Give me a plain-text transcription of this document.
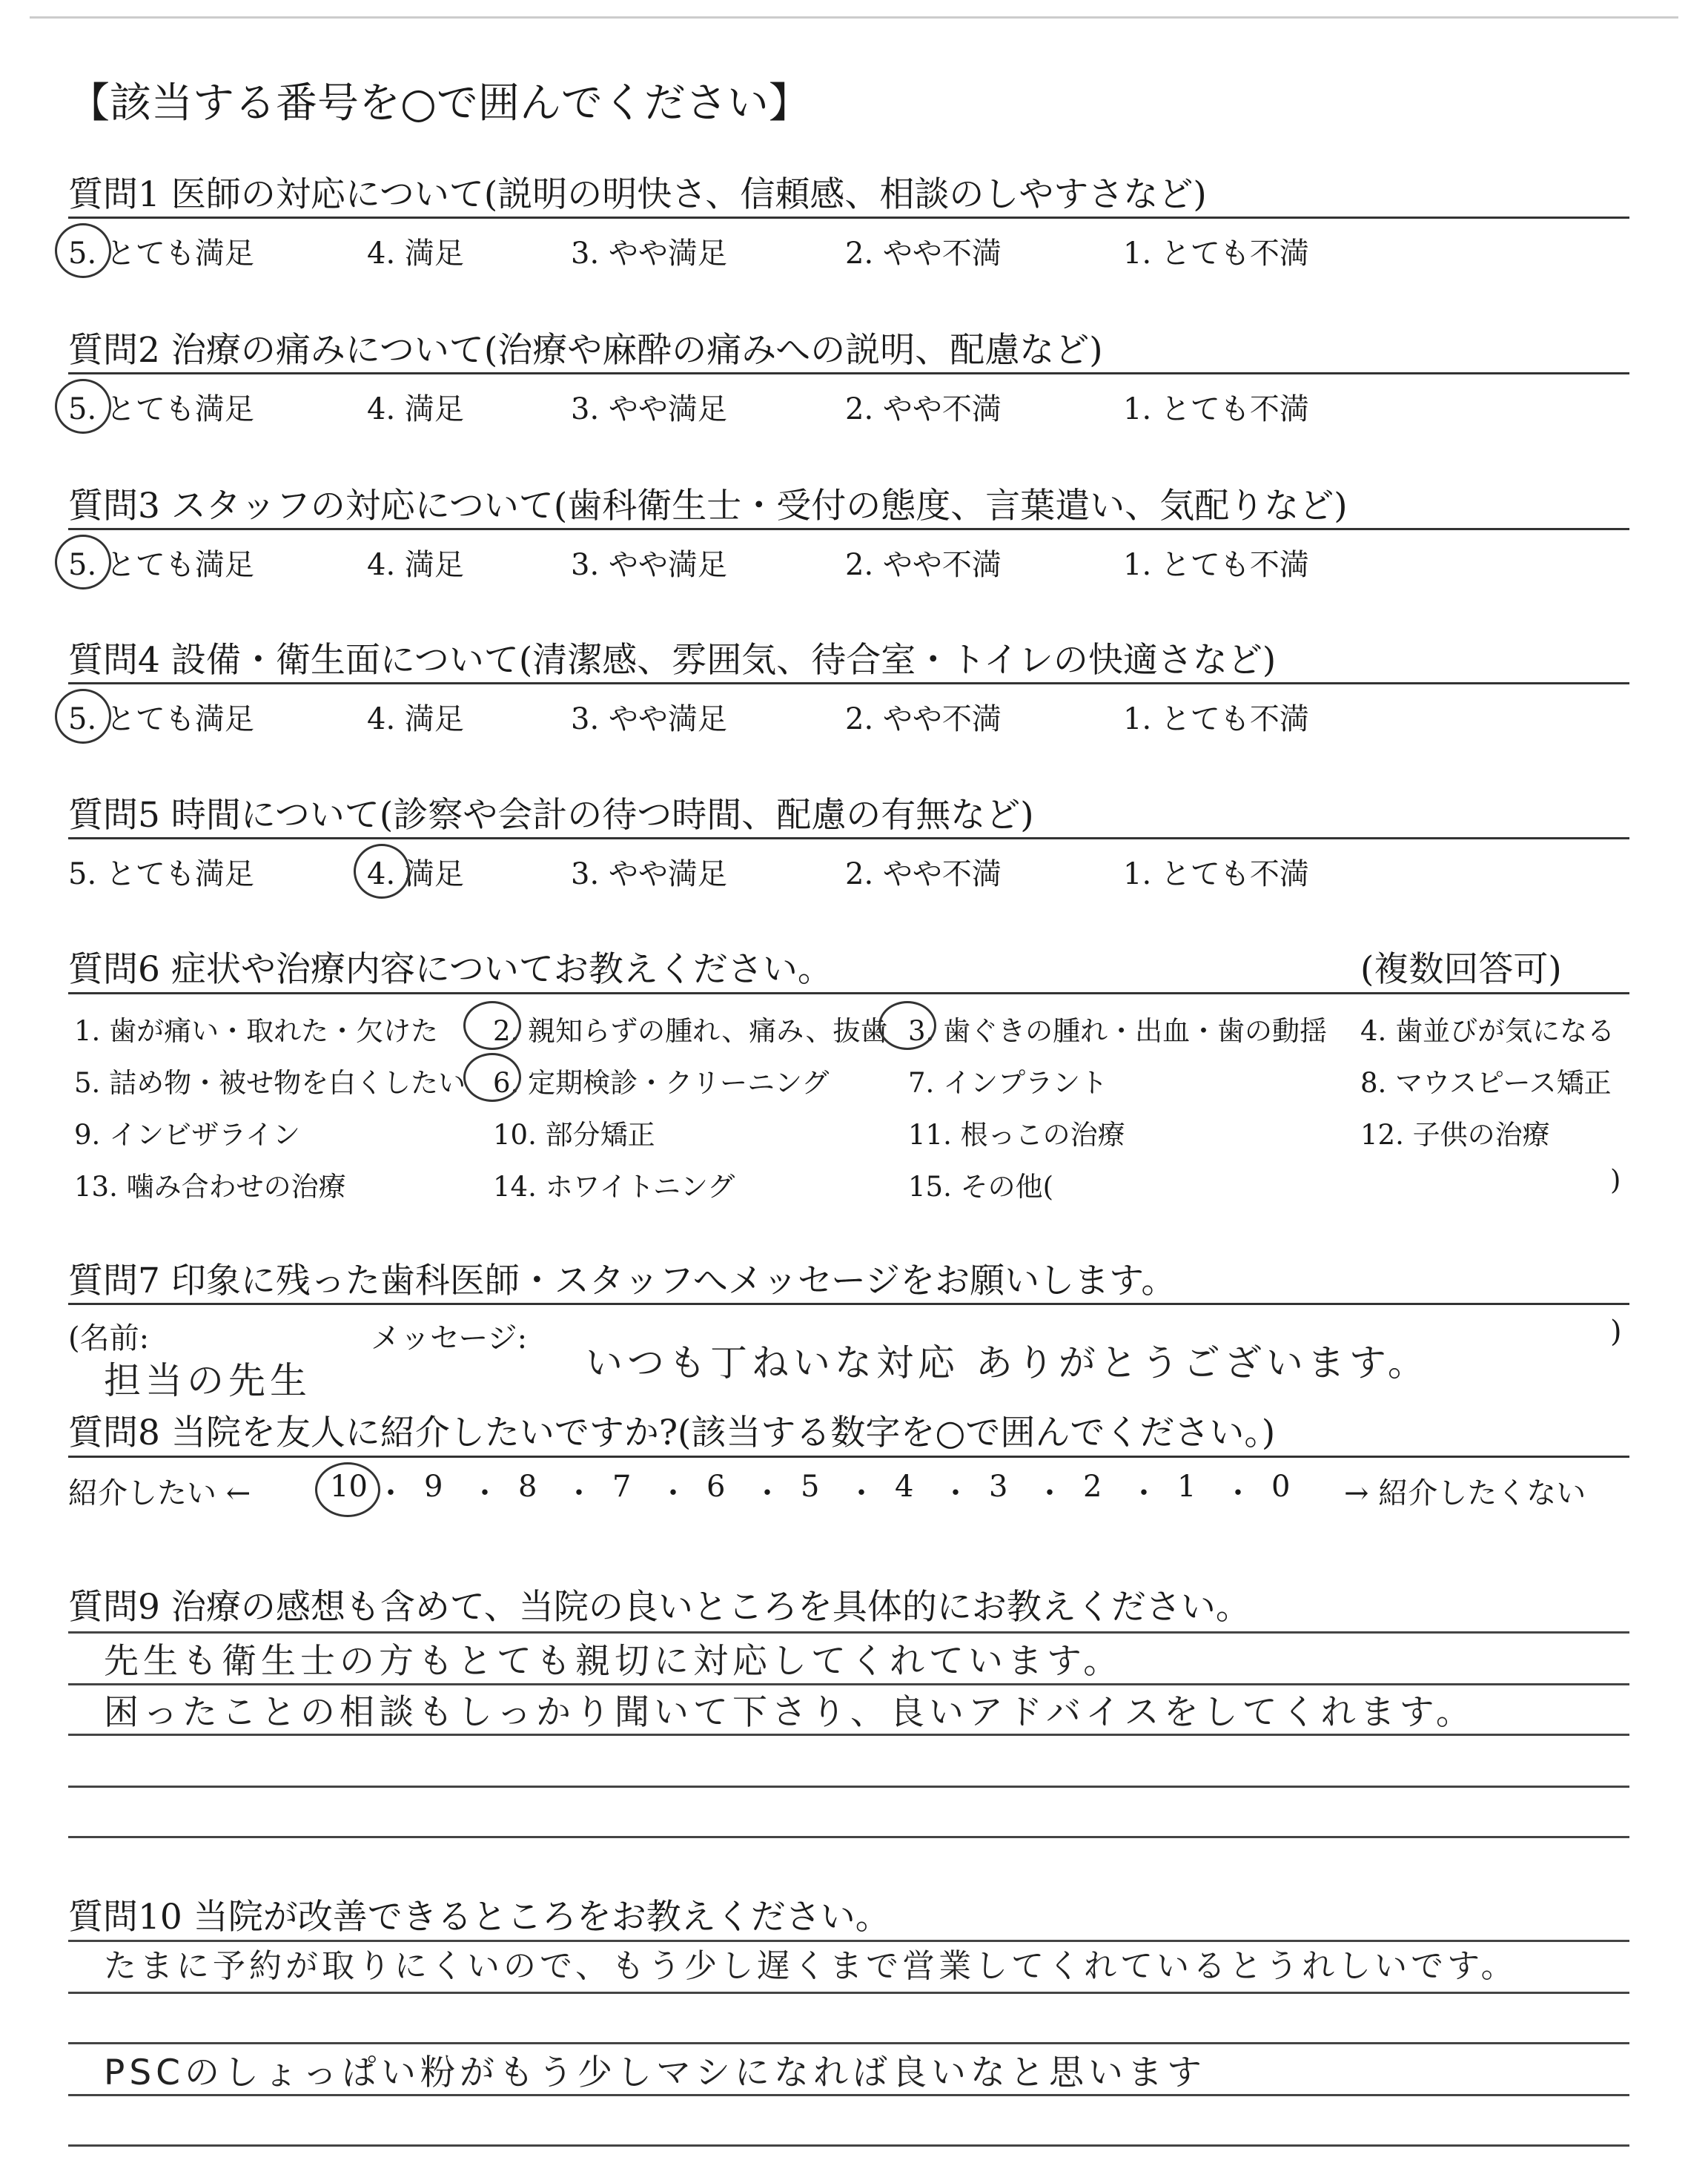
【該当する番号を○で囲んでください】
質問1 医師の対応について(説明の明快さ、信頼感、相談のしやすさなど)
5. とても満足	4. 満足	3. やや満足	2. やや不満	1. とても不満
質問2 治療の痛みについて(治療や麻酔の痛みへの説明、配慮など)
5. とても満足	4. 満足	3. やや満足	2. やや不満	1. とても不満
質問3 スタッフの対応について(歯科衛生士・受付の態度、言葉遣い、気配りなど)
5. とても満足	4. 満足	3. やや満足	2. やや不満	1. とても不満
質問4 設備・衛生面について(清潔感、雰囲気、待合室・トイレの快適さなど)
5. とても満足	4. 満足	3. やや満足	2. やや不満	1. とても不満
質問5 時間について(診察や会計の待つ時間、配慮の有無など)
5. とても満足	4. 満足	3. やや満足	2. やや不満	1. とても不満
質問6 症状や治療内容についてお教えください。	(複数回答可)
1. 歯が痛い・取れた・欠けた 2. 親知らずの腫れ、痛み、抜歯 3. 歯ぐきの腫れ・出血・歯の動揺 4. 歯並びが気になる
5. 詰め物・被せ物を白くしたい 6. 定期検診・クリーニング	7. インプラント	8. マウスピース矯正
9. インビザライン	10. 部分矯正	11. 根っこの治療	12. 子供の治療
13. 噛み合わせの治療	14. ホワイトニング	15. その他(	)
質問7 印象に残った歯科医師・スタッフへメッセージをお願いします。
(名前:	メッセージ:	)
担当の先生	いつも丁ねいな対応 ありがとうございます。
質問8 当院を友人に紹介したいですか?(該当する数字を○で囲んでください。)
紹介したい ←	10 ・ 9 ・ 8 ・ 7 ・ 6 ・ 5 ・ 4 ・ 3 ・ 2 ・ 1 ・ 0 → 紹介したくない
質問9 治療の感想も含めて、当院の良いところを具体的にお教えください。
先生も衛生士の方もとても親切に対応してくれています。
困ったことの相談もしっかり聞いて下さり、良いアドバイスをしてくれます。
質問10 当院が改善できるところをお教えください。
たまに予約が取りにくいので、もう少し遅くまで営業してくれているとうれしいです。
PSCのしょっぱい粉がもう少しマシになれば良いなと思います
